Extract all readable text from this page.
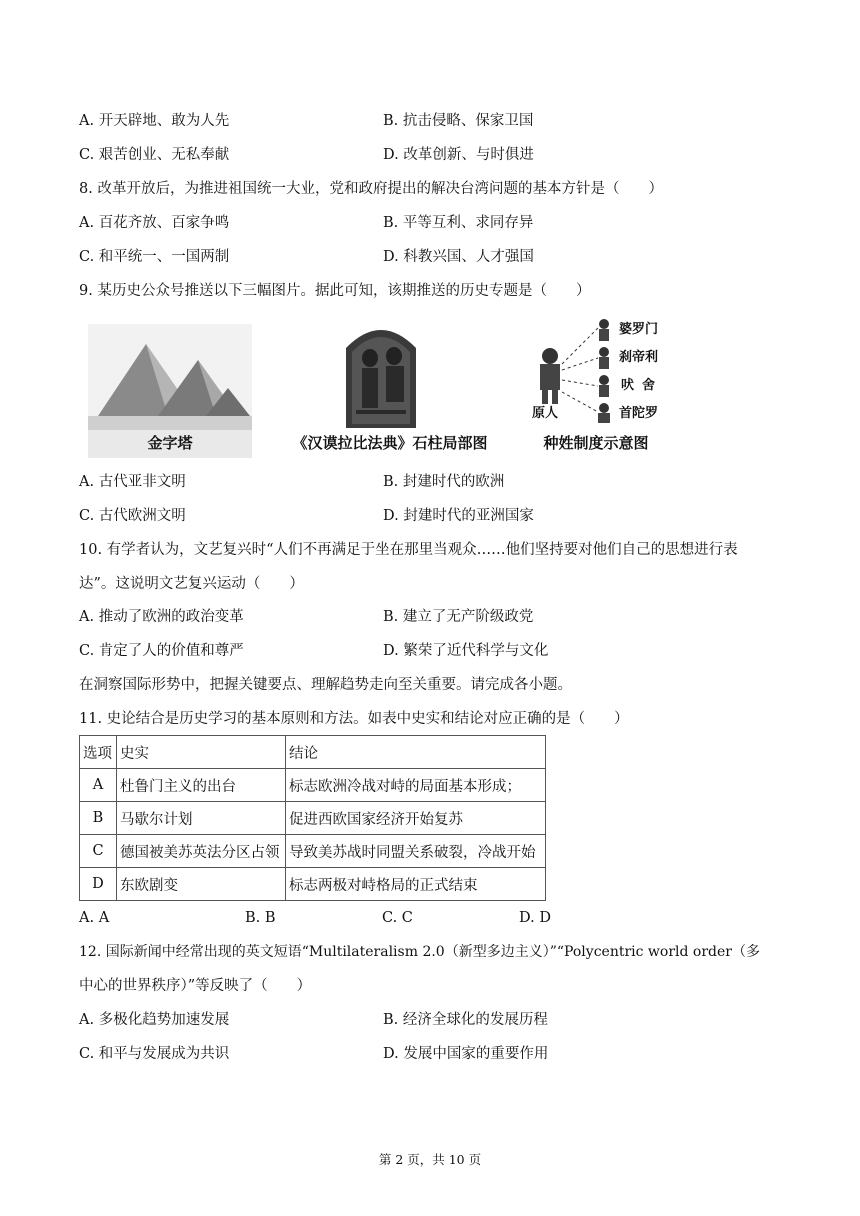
A. 开天辟地、敢为人先	B. 抗击侵略、保家卫国
C. 艰苦创业、无私奉献	D. 改革创新、与时俱进
8. 改革开放后，为推进祖国统一大业，党和政府提出的解决台湾问题的基本方针是（　　）
A. 百花齐放、百家争鸣	B. 平等互利、求同存异
C. 和平统一、一国两制	D. 科教兴国、人才强国
9. 某历史公众号推送以下三幅图片。据此可知，该期推送的历史专题是（　　）
金字塔	《汉谟拉比法典》石柱局部图
婆罗门
刹帝利
吠舍
首陀罗
原人
种姓制度示意图
A. 古代亚非文明	B. 封建时代的欧洲
C. 古代欧洲文明	D. 封建时代的亚洲国家
10. 有学者认为，文艺复兴时“人们不再满足于坐在那里当观众……他们坚持要对他们自己的思想进行表
达”。这说明文艺复兴运动（　　）
A. 推动了欧洲的政治变革	B. 建立了无产阶级政党
C. 肯定了人的价值和尊严	D. 繁荣了近代科学与文化
在洞察国际形势中，把握关键要点、理解趋势走向至关重要。请完成各小题。
11. 史论结合是历史学习的基本原则和方法。如表中史实和结论对应正确的是（　　）
选项	史实	结论
A	杜鲁门主义的出台	标志欧洲冷战对峙的局面基本形成；
B	马歇尔计划	促进西欧国家经济开始复苏
C	德国被美苏英法分区占领	导致美苏战时同盟关系破裂，冷战开始
D	东欧剧变	标志两极对峙格局的正式结束
A. A	B. B	C. C	D. D
12. 国际新闻中经常出现的英文短语“Multilateralism 2.0（新型多边主义）”“Polycentric world order（多
中心的世界秩序）”等反映了（　　）
A. 多极化趋势加速发展	B. 经济全球化的发展历程
C. 和平与发展成为共识	D. 发展中国家的重要作用
第 2 页，共 10 页
